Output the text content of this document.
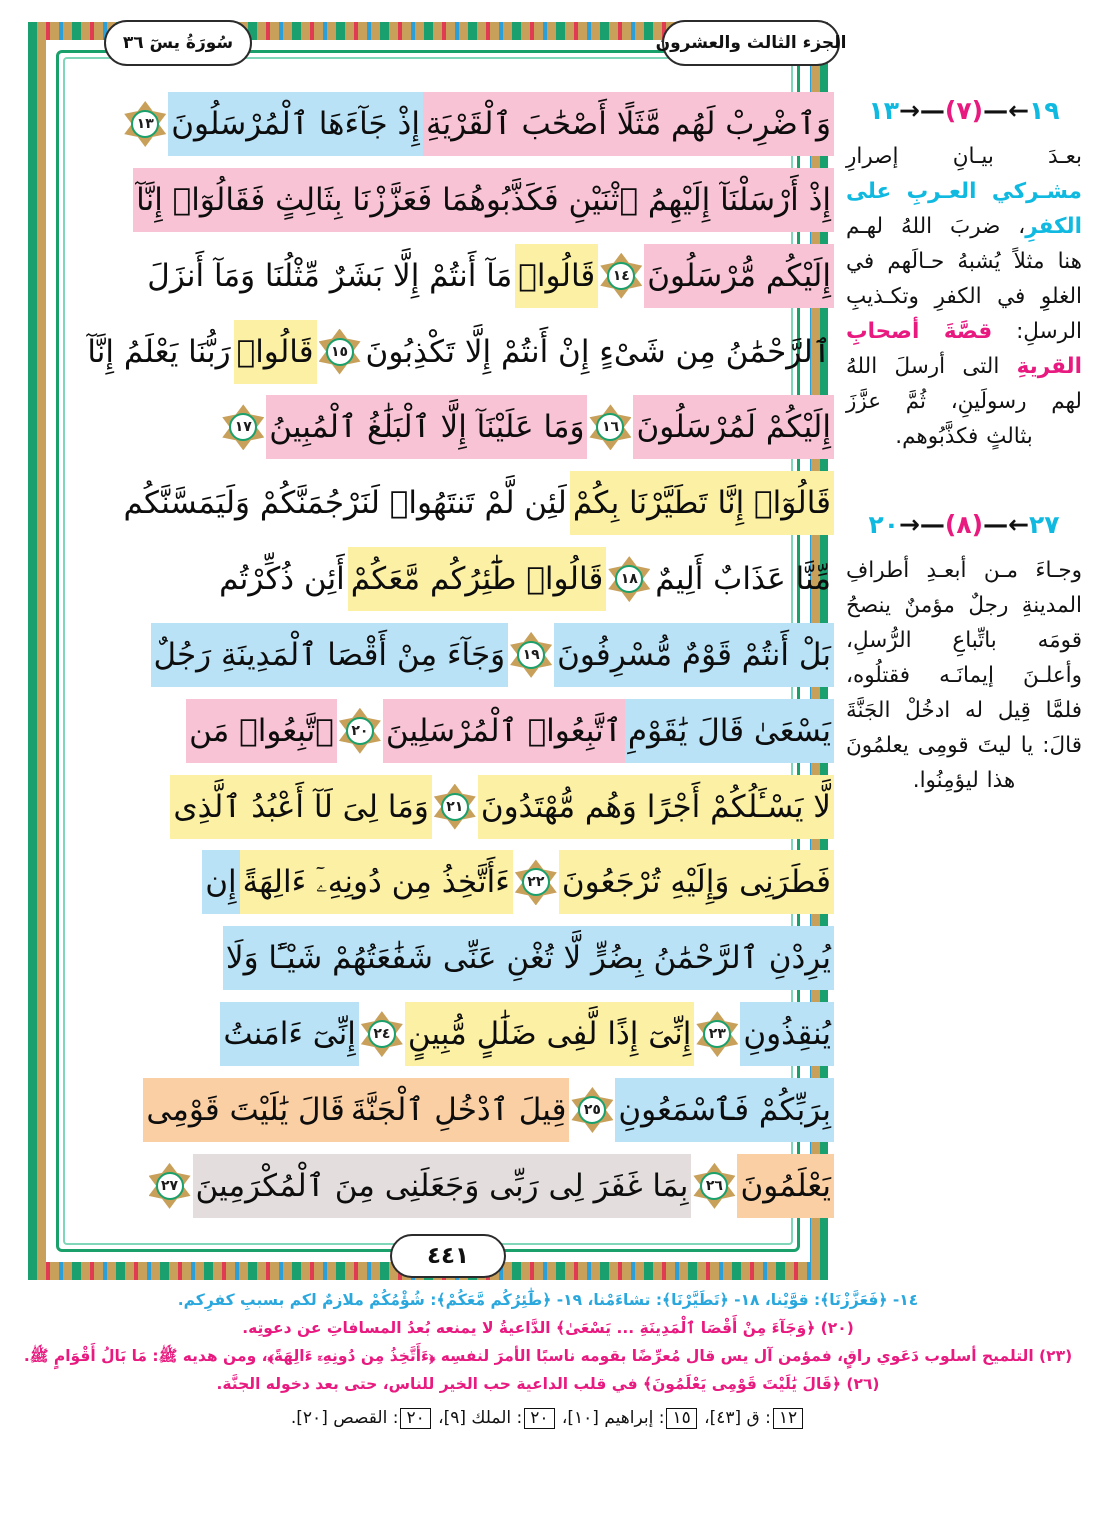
سُورَةُ يسٓ ٣٦	الجزء الثالث والعشرون
وَٱضْرِبْ لَهُم مَّثَلًا أَصْحَٰبَ ٱلْقَرْيَةِ
إِذْ جَآءَهَا ٱلْمُرْسَلُونَ
١٣
إِذْ أَرْسَلْنَآ إِلَيْهِمُ ٱثْنَيْنِ فَكَذَّبُوهُمَا فَعَزَّزْنَا بِثَالِثٍ فَقَالُوٓا۟ إِنَّآ
إِلَيْكُم مُّرْسَلُونَ
١٤
قَالُوا۟
مَآ أَنتُمْ إِلَّا بَشَرٌ مِّثْلُنَا وَمَآ أَنزَلَ
ٱلرَّحْمَٰنُ مِن شَىْءٍ إِنْ أَنتُمْ إِلَّا تَكْذِبُونَ
١٥
قَالُوا۟
رَبُّنَا يَعْلَمُ إِنَّآ
إِلَيْكُمْ لَمُرْسَلُونَ
١٦
وَمَا عَلَيْنَآ إِلَّا ٱلْبَلَٰغُ ٱلْمُبِينُ
١٧
قَالُوٓا۟ إِنَّا تَطَيَّرْنَا بِكُمْ
لَئِن لَّمْ تَنتَهُوا۟ لَنَرْجُمَنَّكُمْ وَلَيَمَسَّنَّكُم
مِّنَّا عَذَابٌ أَلِيمٌ
١٨
قَالُوا۟ طَٰٓئِرُكُم مَّعَكُمْ
أَئِن ذُكِّرْتُم
بَلْ أَنتُمْ قَوْمٌ مُّسْرِفُونَ
١٩
وَجَآءَ مِنْ أَقْصَا ٱلْمَدِينَةِ رَجُلٌ
يَسْعَىٰ قَالَ يَٰقَوْمِ
ٱتَّبِعُوا۟ ٱلْمُرْسَلِينَ
٢٠
ٱتَّبِعُوا۟ مَن
لَّا يَسْـَٔلُكُمْ أَجْرًا وَهُم مُّهْتَدُونَ
٢١
وَمَا لِىَ لَآ أَعْبُدُ ٱلَّذِى
فَطَرَنِى وَإِلَيْهِ تُرْجَعُونَ
٢٢
ءَأَتَّخِذُ مِن دُونِهِۦٓ ءَالِهَةً
إِن
يُرِدْنِ ٱلرَّحْمَٰنُ بِضُرٍّ لَّا تُغْنِ عَنِّى شَفَٰعَتُهُمْ شَيْـًٔا وَلَا
يُنقِذُونِ
٢٣
إِنِّىٓ إِذًا لَّفِى ضَلَٰلٍ مُّبِينٍ
٢٤
إِنِّىٓ ءَامَنتُ
بِرَبِّكُمْ فَٱسْمَعُونِ
٢٥
قِيلَ ٱدْخُلِ ٱلْجَنَّةَ
قَالَ يَٰلَيْتَ قَوْمِى
يَعْلَمُونَ
٢٦
بِمَا غَفَرَ لِى رَبِّى وَجَعَلَنِى مِنَ ٱلْمُكْرَمِينَ
٢٧
٤٤١
١٩←—(٧)—→١٣

بعـدَ بيـانِ إصرارِ مشـركي العـربِ على الكفرِ، ضربَ اللهُ لهـم هنا مثلاً يُشبهُ حـالَهم في الغلوِ في الكفرِ وتكـذيبِ الرسلِ: قصَّةَ أصحابِ القريةِ التى أرسلَ اللهُ لهم رسولَينِ، ثُمَّ عزَّزَ بثالثٍ فكذَّبُوهم.

٢٧←—(٨)—→٢٠

وجـاءَ مـن أبعـدِ أطرافِ المدينةِ رجلٌ مؤمنٌ ينصحُ قومَه باتِّباعِ الرُّسلِ، وأعلـنَ إيمانَـه فقتلُوه، فلمَّا قِيل له ادخُلْ الجَنَّةَ قالَ: يا ليتَ قومِى يعلمُونَ هذا ليؤمِنُوا.

١٤- ﴿فَعَزَّزْنَا﴾: قوَّيْنا، ١٨- ﴿تَطَيَّرْنَا﴾: تشاءَمْنا، ١٩- ﴿طَٰٓئِرُكُم مَّعَكُمْ﴾: شُؤْمُكُمْ ملازمٌ لكم بسببِ كفرِكم.
(٢٠) ﴿وَجَآءَ مِنْ أَقْصَا ٱلْمَدِينَةِ ... يَسْعَىٰ﴾ الدَّاعيةُ لا يمنعه بُعدُ المسافاتِ عن دعوتِه.
(٢٣) التلميح أسلوب دَعَوي راقٍ، فمؤمن آل يس قال مُعرِّضًا بقومه ناسبًا الأمرَ لنفسِه ﴿ءَأَتَّخِذُ مِن دُونِهِۦٓ ءَالِهَةً﴾، ومن هديه ﷺ: مَا بَالُ أَقْوَامٍ ﷺ.
(٢٦) ﴿قَالَ يَٰلَيْتَ قَوْمِى يَعْلَمُونَ﴾ في قلب الداعية حب الخير للناس، حتى بعد دخوله الجنَّة.
١٢: ق [٤٣]، ١٥: إبراهيم [١٠]، ٢٠: الملك [٩]، ٢٠: القصص [٢٠].
